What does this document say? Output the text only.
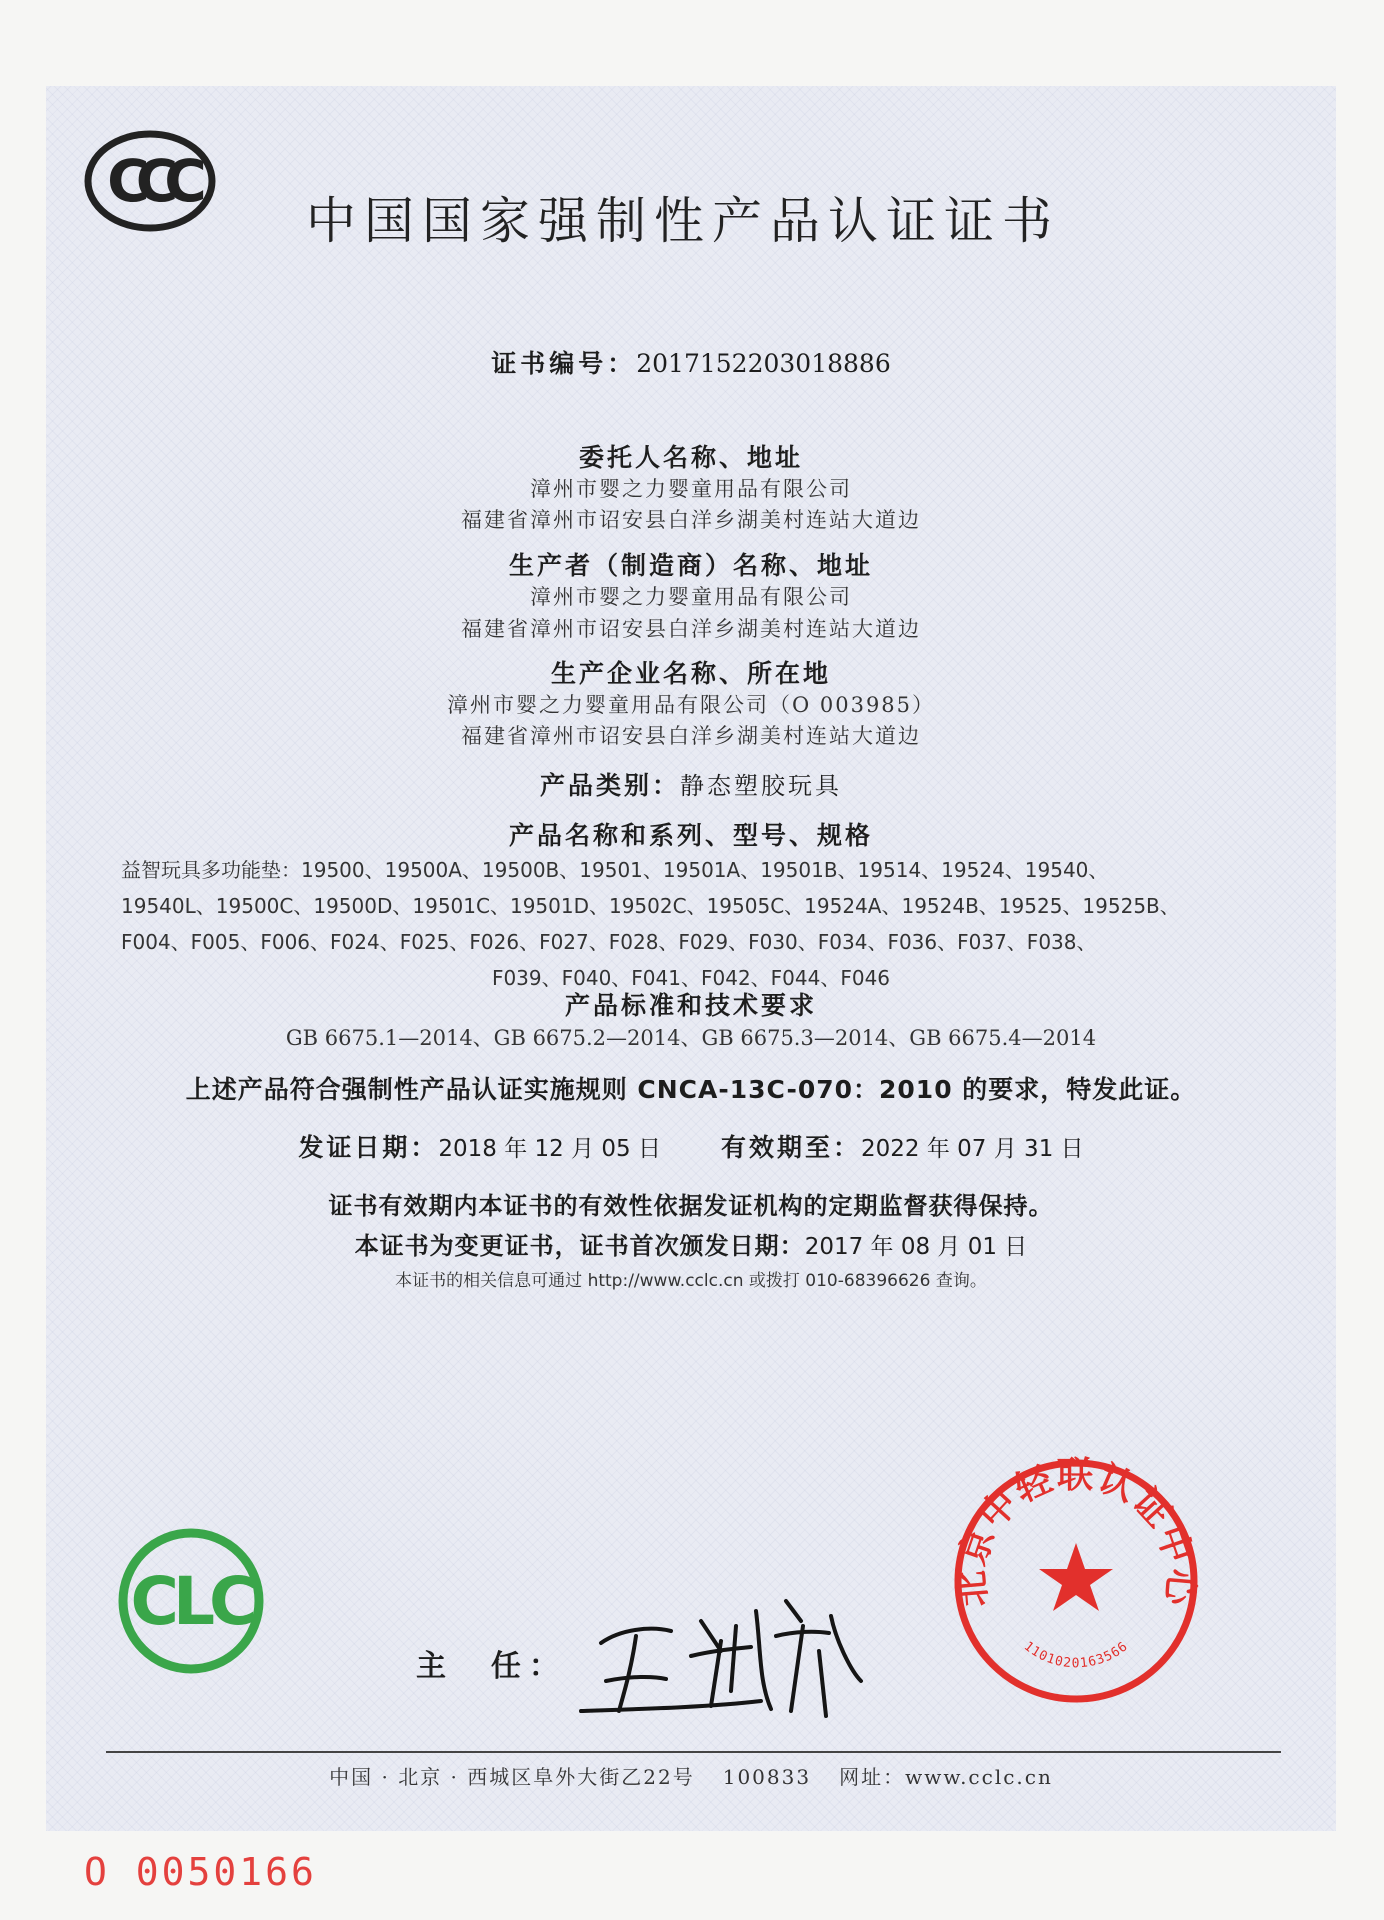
CCC
中国国家强制性产品认证证书
证书编号：2017152203018886
委托人名称、地址
漳州市婴之力婴童用品有限公司
福建省漳州市诏安县白洋乡湖美村连站大道边
生产者（制造商）名称、地址
漳州市婴之力婴童用品有限公司
福建省漳州市诏安县白洋乡湖美村连站大道边
生产企业名称、所在地
漳州市婴之力婴童用品有限公司（O 003985）
福建省漳州市诏安县白洋乡湖美村连站大道边
产品类别：静态塑胶玩具
产品名称和系列、型号、规格
益智玩具多功能垫：19500、19500A、19500B、19501、19501A、19501B、19514、19524、19540、
19540L、19500C、19500D、19501C、19501D、19502C、19505C、19524A、19524B、19525、19525B、
F004、F005、F006、F024、F025、F026、F027、F028、F029、F030、F034、F036、F037、F038、
F039、F040、F041、F042、F044、F046
产品标准和技术要求
GB 6675.1—2014、GB 6675.2—2014、GB 6675.3—2014、GB 6675.4—2014
上述产品符合强制性产品认证实施规则 CNCA-13C-070：2010 的要求，特发此证。
发证日期：2018 年 12 月 05 日 有效期至：2022 年 07 月 31 日
证书有效期内本证书的有效性依据发证机构的定期监督获得保持。
本证书为变更证书，证书首次颁发日期：2017 年 08 月 01 日
本证书的相关信息可通过 http://www.cclc.cn 或拨打 010-68396626 查询。
CLC
主  任：
北京中轻联认证中心
1101020163566
中国 · 北京 · 西城区阜外大街乙22号 100833 网址：www.cclc.cn
O 0050166
